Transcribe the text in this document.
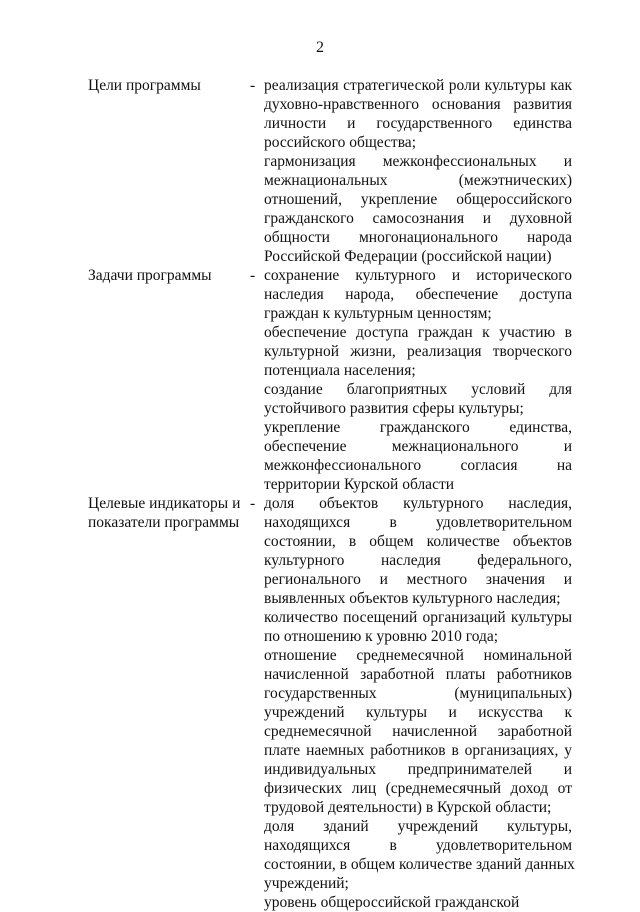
2
Цели программы	- реализация стратегической роли культуры как
духовно-нравственного основания развития
личности и государственного единства
российского общества;
гармонизация межконфессиональных и
межнациональных (межэтнических)
отношений, укрепление общероссийского
гражданского самосознания и духовной
общности многонационального народа
Российской Федерации (российской нации)
Задачи программы	- сохранение культурного и исторического
наследия народа, обеспечение доступа
граждан к культурным ценностям;
обеспечение доступа граждан к участию в
культурной жизни, реализация творческого
потенциала населения;
создание благоприятных условий для
устойчивого развития сферы культуры;
укрепление гражданского единства,
обеспечение межнационального и
межконфессионального согласия на
территории Курской области
Целевые индикаторы и
показатели программы
- доля объектов культурного наследия,
находящихся в удовлетворительном
состоянии, в общем количестве объектов
культурного наследия федерального,
регионального и местного значения и
выявленных объектов культурного наследия;
количество посещений организаций культуры
по отношению к уровню 2010 года;
отношение среднемесячной номинальной
начисленной заработной платы работников
государственных (муниципальных)
учреждений культуры и искусства к
среднемесячной начисленной заработной
плате наемных работников в организациях, у
индивидуальных предпринимателей и
физических лиц (среднемесячный доход от
трудовой деятельности) в Курской области;
доля зданий учреждений культуры,
находящихся в удовлетворительном
состоянии, в общем количестве зданий данных
учреждений;
уровень общероссийской гражданской
